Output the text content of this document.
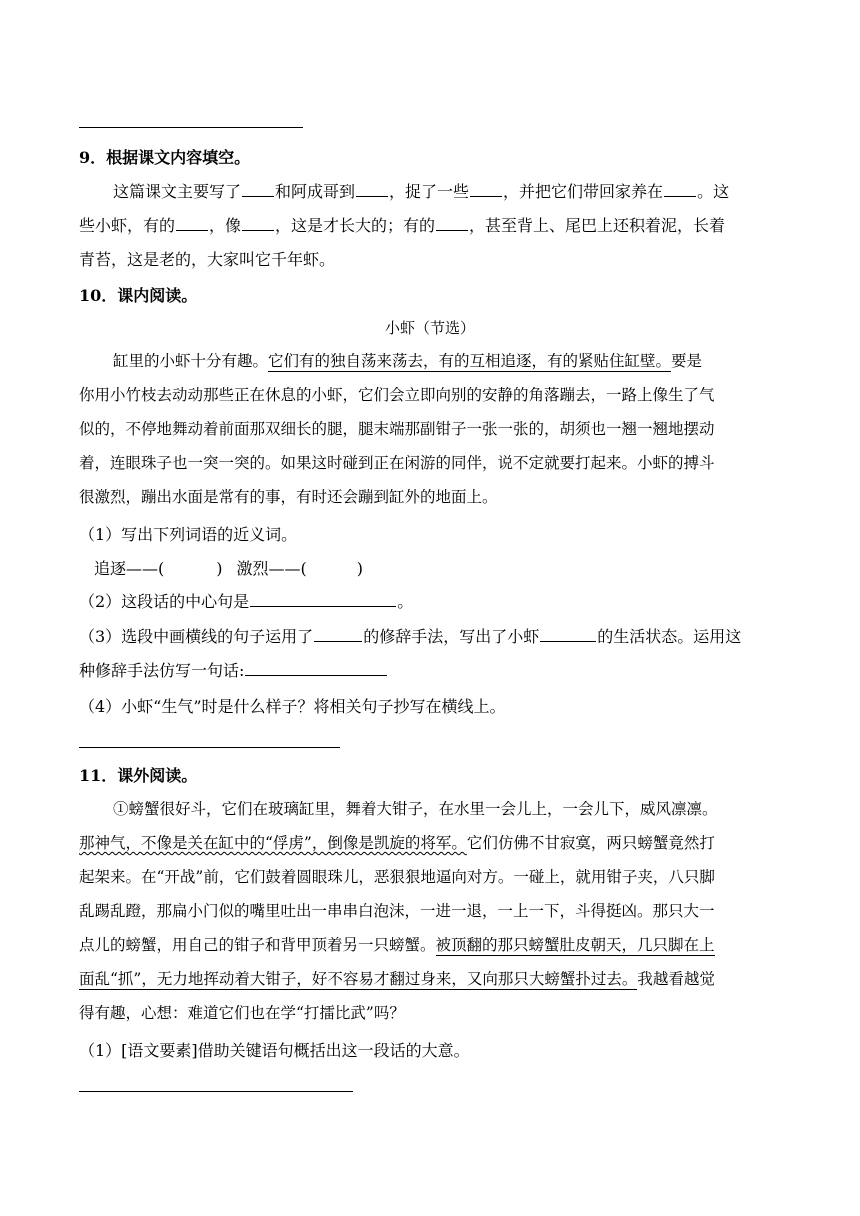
9．根据课文内容填空。
这篇课文主要写了 和阿成哥到 ，捉了一些 ，并把它们带回家养在 。这
些小虾，有的 ，像 ，这是才长大的；有的 ，甚至背上、尾巴上还积着泥，长着
青苔，这是老的，大家叫它千年虾。
10．课内阅读。
小虾（节选）
缸里的小虾十分有趣。它们有的独自荡来荡去，有的互相追逐，有的紧贴住缸壁。要是
你用小竹枝去动动那些正在休息的小虾，它们会立即向别的安静的角落蹦去，一路上像生了气
似的，不停地舞动着前面那双细长的腿，腿末端那副钳子一张一张的，胡须也一翘一翘地摆动
着，连眼珠子也一突一突的。如果这时碰到正在闲游的同伴，说不定就要打起来。小虾的搏斗
很激烈，蹦出水面是常有的事，有时还会蹦到缸外的地面上。
（1）写出下列词语的近义词。
追逐——(	) 激烈——(	)
（2）这段话的中心句是	。
（3）选段中画横线的句子运用了	的修辞手法，写出了小虾	的生活状态。运用这
种修辞手法仿写一句话:
（4）小虾“生气”时是什么样子？将相关句子抄写在横线上。
11．课外阅读。
①螃蟹很好斗，它们在玻璃缸里，舞着大钳子，在水里一会儿上，一会儿下，威风凛凛。
那神气，不像是关在缸中的“俘虏”，倒像是凯旋的将军。它们仿佛不甘寂寞，两只螃蟹竟然打
起架来。在“开战”前，它们鼓着圆眼珠儿，恶狠狠地逼向对方。一碰上，就用钳子夹，八只脚
乱踢乱蹬，那扁小门似的嘴里吐出一串串白泡沫，一进一退，一上一下，斗得挺凶。那只大一
点儿的螃蟹，用自己的钳子和背甲顶着另一只螃蟹。被顶翻的那只螃蟹肚皮朝天，几只脚在上
面乱“抓”，无力地挥动着大钳子，好不容易才翻过身来，又向那只大螃蟹扑过去。我越看越觉
得有趣，心想：难道它们也在学“打擂比武”吗？
（1）[语文要素]借助关键语句概括出这一段话的大意。
